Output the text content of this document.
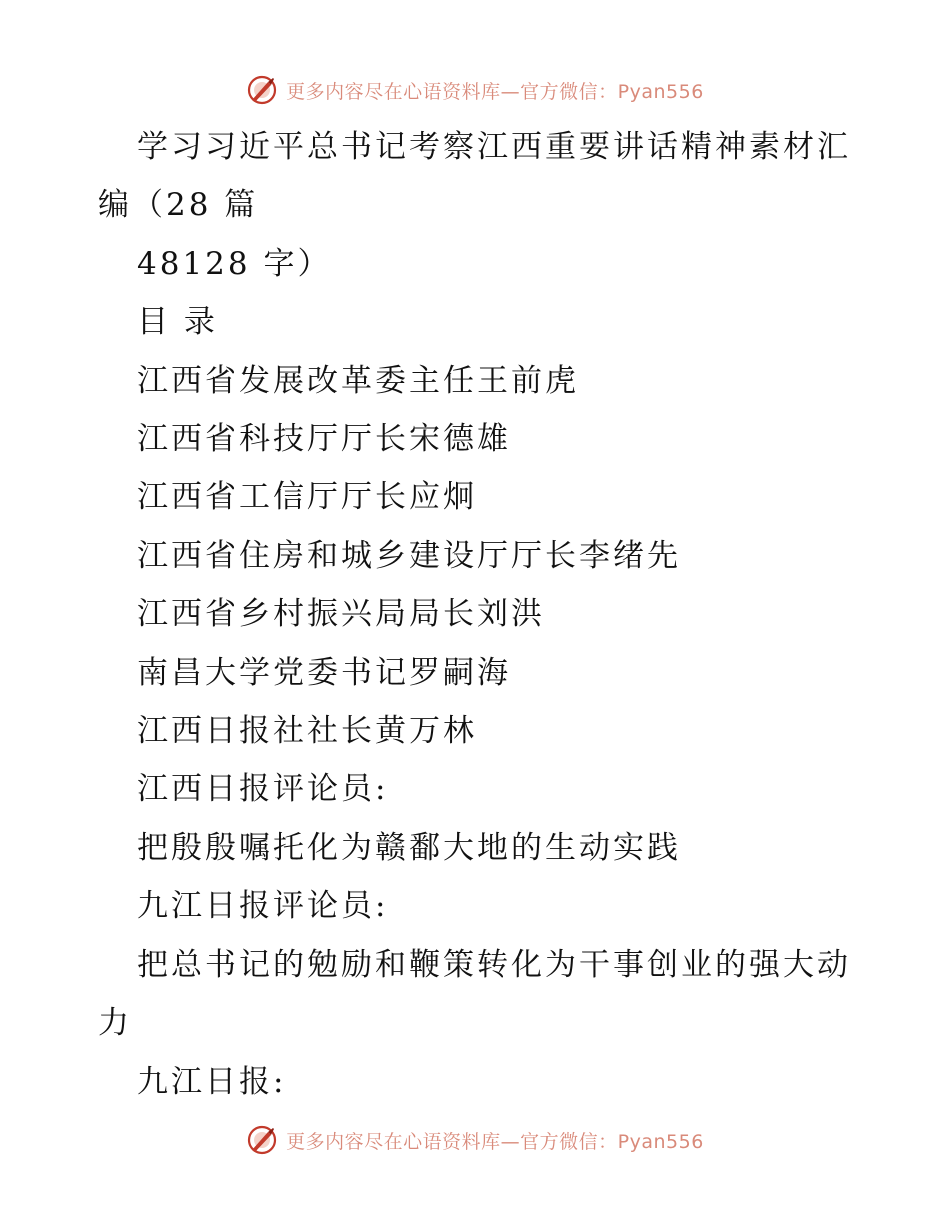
更多内容尽在心语资料库—官方微信：Pyan556

学习习近平总书记考察江西重要讲话精神素材汇

编（28 篇

48128 字）

目 录

江西省发展改革委主任王前虎

江西省科技厅厅长宋德雄

江西省工信厅厅长应炯

江西省住房和城乡建设厅厅长李绪先

江西省乡村振兴局局长刘洪

南昌大学党委书记罗嗣海

江西日报社社长黄万林

江西日报评论员:

把殷殷嘱托化为赣鄱大地的生动实践

九江日报评论员:

把总书记的勉励和鞭策转化为干事创业的强大动

力

九江日报:

更多内容尽在心语资料库—官方微信：Pyan556
